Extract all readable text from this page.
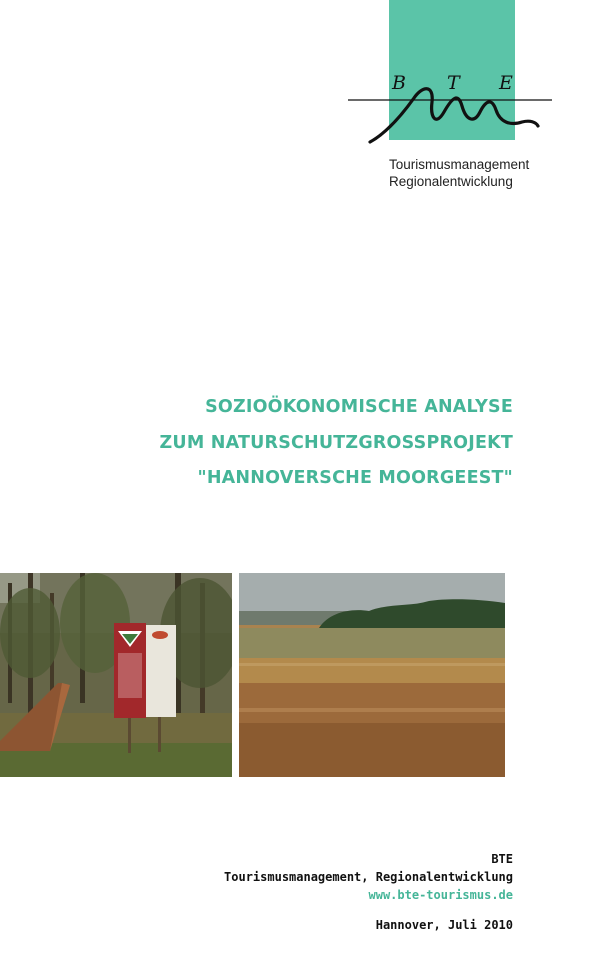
B T E
Tourismusmanagement
Regionalentwicklung
SOZIOÖKONOMISCHE ANALYSE
ZUM NATURSCHUTZGROSSPROJEKT
"HANNOVERSCHE MOORGEEST"
BTE
Tourismusmanagement, Regionalentwicklung
www.bte-tourismus.de
Hannover, Juli 2010
